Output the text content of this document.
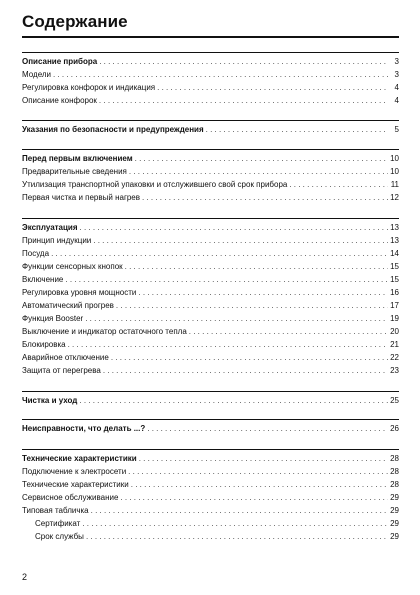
Содержание
Описание прибора . . .	3
Модели . . .	3
Регулировка конфорок и индикация . . .	4
Описание конфорок . . .	4
Указания по безопасности и предупреждения . . .	5
Перед первым включением . . .	10
Предварительные сведения . . .	10
Утилизация транспортной упаковки и отслужившего свой срок прибора . . .	11
Первая чистка и первый нагрев . . .	12
Эксплуатация . . .	13
Принцип индукции . . .	13
Посуда . . .	14
Функции сенсорных кнопок . . .	15
Включение . . .	15
Регулировка уровня мощности . . .	16
Автоматический прогрев . . .	17
Функция Booster . . .	19
Выключение и индикатор остаточного тепла . . .	20
Блокировка . . .	21
Аварийное отключение . . .	22
Защита от перегрева . . .	23
Чистка и уход . . .	25
Неисправности, что делать ...? . . .	26
Технические характеристики . . .	28
Подключение к электросети . . .	28
Технические характеристики . . .	28
Сервисное обслуживание . . .	29
Типовая табличка . . .	29
Сертификат . . .	29
Срок службы . . .	29
2
